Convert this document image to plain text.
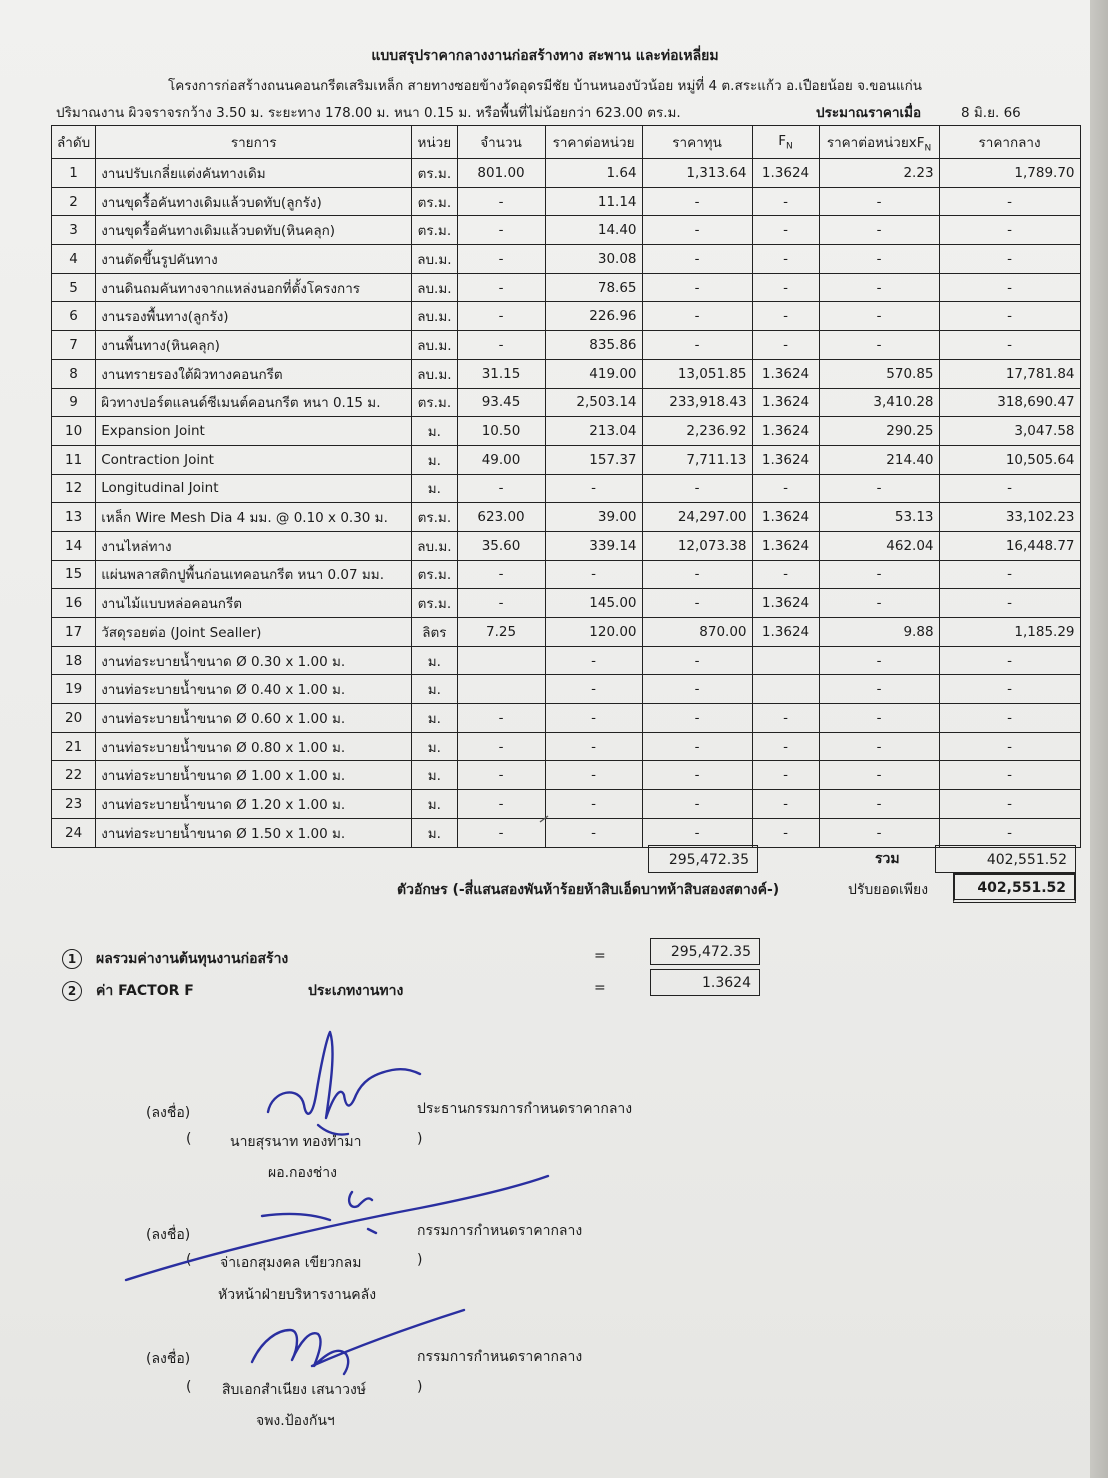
แบบสรุปราคากลางงานก่อสร้างทาง สะพาน และท่อเหลี่ยม
โครงการก่อสร้างถนนคอนกรีตเสริมเหล็ก สายทางซอยข้างวัดอุดรมีชัย บ้านหนองบัวน้อย หมู่ที่ 4 ต.สระแก้ว อ.เปือยน้อย จ.ขอนแก่น
ปริมาณงาน ผิวจราจรกว้าง 3.50 ม. ระยะทาง 178.00 ม. หนา 0.15 ม. หรือพื้นที่ไม่น้อยกว่า 623.00 ตร.ม.	ประมาณราคาเมื่อ	8 มิ.ย. 66
ลำดับ	รายการ	หน่วย	จำนวน	ราคาต่อหน่วย	ราคาทุน	$F_N$	ราคาต่อหน่วย$xF_N$	ราคากลาง
1	งานปรับเกลี่ยแต่งคันทางเดิม	ตร.ม.	801.00	1.64	1,313.64	1.3624	2.23	1,789.70
2	งานขุดรื้อคันทางเดิมแล้วบดทับ(ลูกรัง)	ตร.ม.	-	11.14	-	-	-	-
3	งานขุดรื้อคันทางเดิมแล้วบดทับ(หินคลุก)	ตร.ม.	-	14.40	-	-	-	-
4	งานตัดขึ้นรูปคันทาง	ลบ.ม.	-	30.08	-	-	-	-
5	งานดินถมคันทางจากแหล่งนอกที่ตั้งโครงการ	ลบ.ม.	-	78.65	-	-	-	-
6	งานรองพื้นทาง(ลูกรัง)	ลบ.ม.	-	226.96	-	-	-	-
7	งานพื้นทาง(หินคลุก)	ลบ.ม.	-	835.86	-	-	-	-
8	งานทรายรองใต้ผิวทางคอนกรีต	ลบ.ม.	31.15	419.00	13,051.85	1.3624	570.85	17,781.84
9	ผิวทางปอร์ตแลนด์ซีเมนต์คอนกรีต หนา 0.15 ม.	ตร.ม.	93.45	2,503.14	233,918.43	1.3624	3,410.28	318,690.47
10	Expansion Joint	ม.	10.50	213.04	2,236.92	1.3624	290.25	3,047.58
11	Contraction Joint	ม.	49.00	157.37	7,711.13	1.3624	214.40	10,505.64
12	Longitudinal Joint	ม.	-	-	-	-	-	-
13	เหล็ก Wire Mesh Dia 4 มม. @ 0.10 x 0.30 ม.	ตร.ม.	623.00	39.00	24,297.00	1.3624	53.13	33,102.23
14	งานไหล่ทาง	ลบ.ม.	35.60	339.14	12,073.38	1.3624	462.04	16,448.77
15	แผ่นพลาสติกปูพื้นก่อนเทคอนกรีต หนา 0.07 มม.	ตร.ม.	-	-	-	-	-	-
16	งานไม้แบบหล่อคอนกรีต	ตร.ม.	-	145.00	-	1.3624	-	-
17	วัสดุรอยต่อ (Joint Sealler)	ลิตร	7.25	120.00	870.00	1.3624	9.88	1,185.29
18	งานท่อระบายน้ำขนาด Ø 0.30 x 1.00 ม.	ม.		-	-		-	-
19	งานท่อระบายน้ำขนาด Ø 0.40 x 1.00 ม.	ม.		-	-		-	-
20	งานท่อระบายน้ำขนาด Ø 0.60 x 1.00 ม.	ม.	-	-	-	-	-	-
21	งานท่อระบายน้ำขนาด Ø 0.80 x 1.00 ม.	ม.	-	-	-	-	-	-
22	งานท่อระบายน้ำขนาด Ø 1.00 x 1.00 ม.	ม.	-	-	-	-	-	-
23	งานท่อระบายน้ำขนาด Ø 1.20 x 1.00 ม.	ม.	-	-	-	-	-	-
24	งานท่อระบายน้ำขนาด Ø 1.50 x 1.00 ม.	ม.	-	-	-	-	-	-
295,472.35	รวม	402,551.52
ตัวอักษร (-สี่แสนสองพันห้าร้อยห้าสิบเอ็ดบาทห้าสิบสองสตางค์-)	ปรับยอดเพียง	402,551.52
1 ผลรวมค่างานต้นทุนงานก่อสร้าง	=	295,472.35
2 ค่า FACTOR F	ประเภทงานทาง	=	1.3624
(ลงชื่อ)	ประธานกรรมการกำหนดราคากลาง
(	นายสุรนาท ทองทำมา	)
ผอ.กองช่าง
(ลงชื่อ)	กรรมการกำหนดราคากลาง
( จ่าเอกสุมงคล เขียวกลม	)
หัวหน้าฝ่ายบริหารงานคลัง
(ลงชื่อ)	กรรมการกำหนดราคากลาง
( สิบเอกสำเนียง เสนาวงษ์	)
จพง.ป้องกันฯ
